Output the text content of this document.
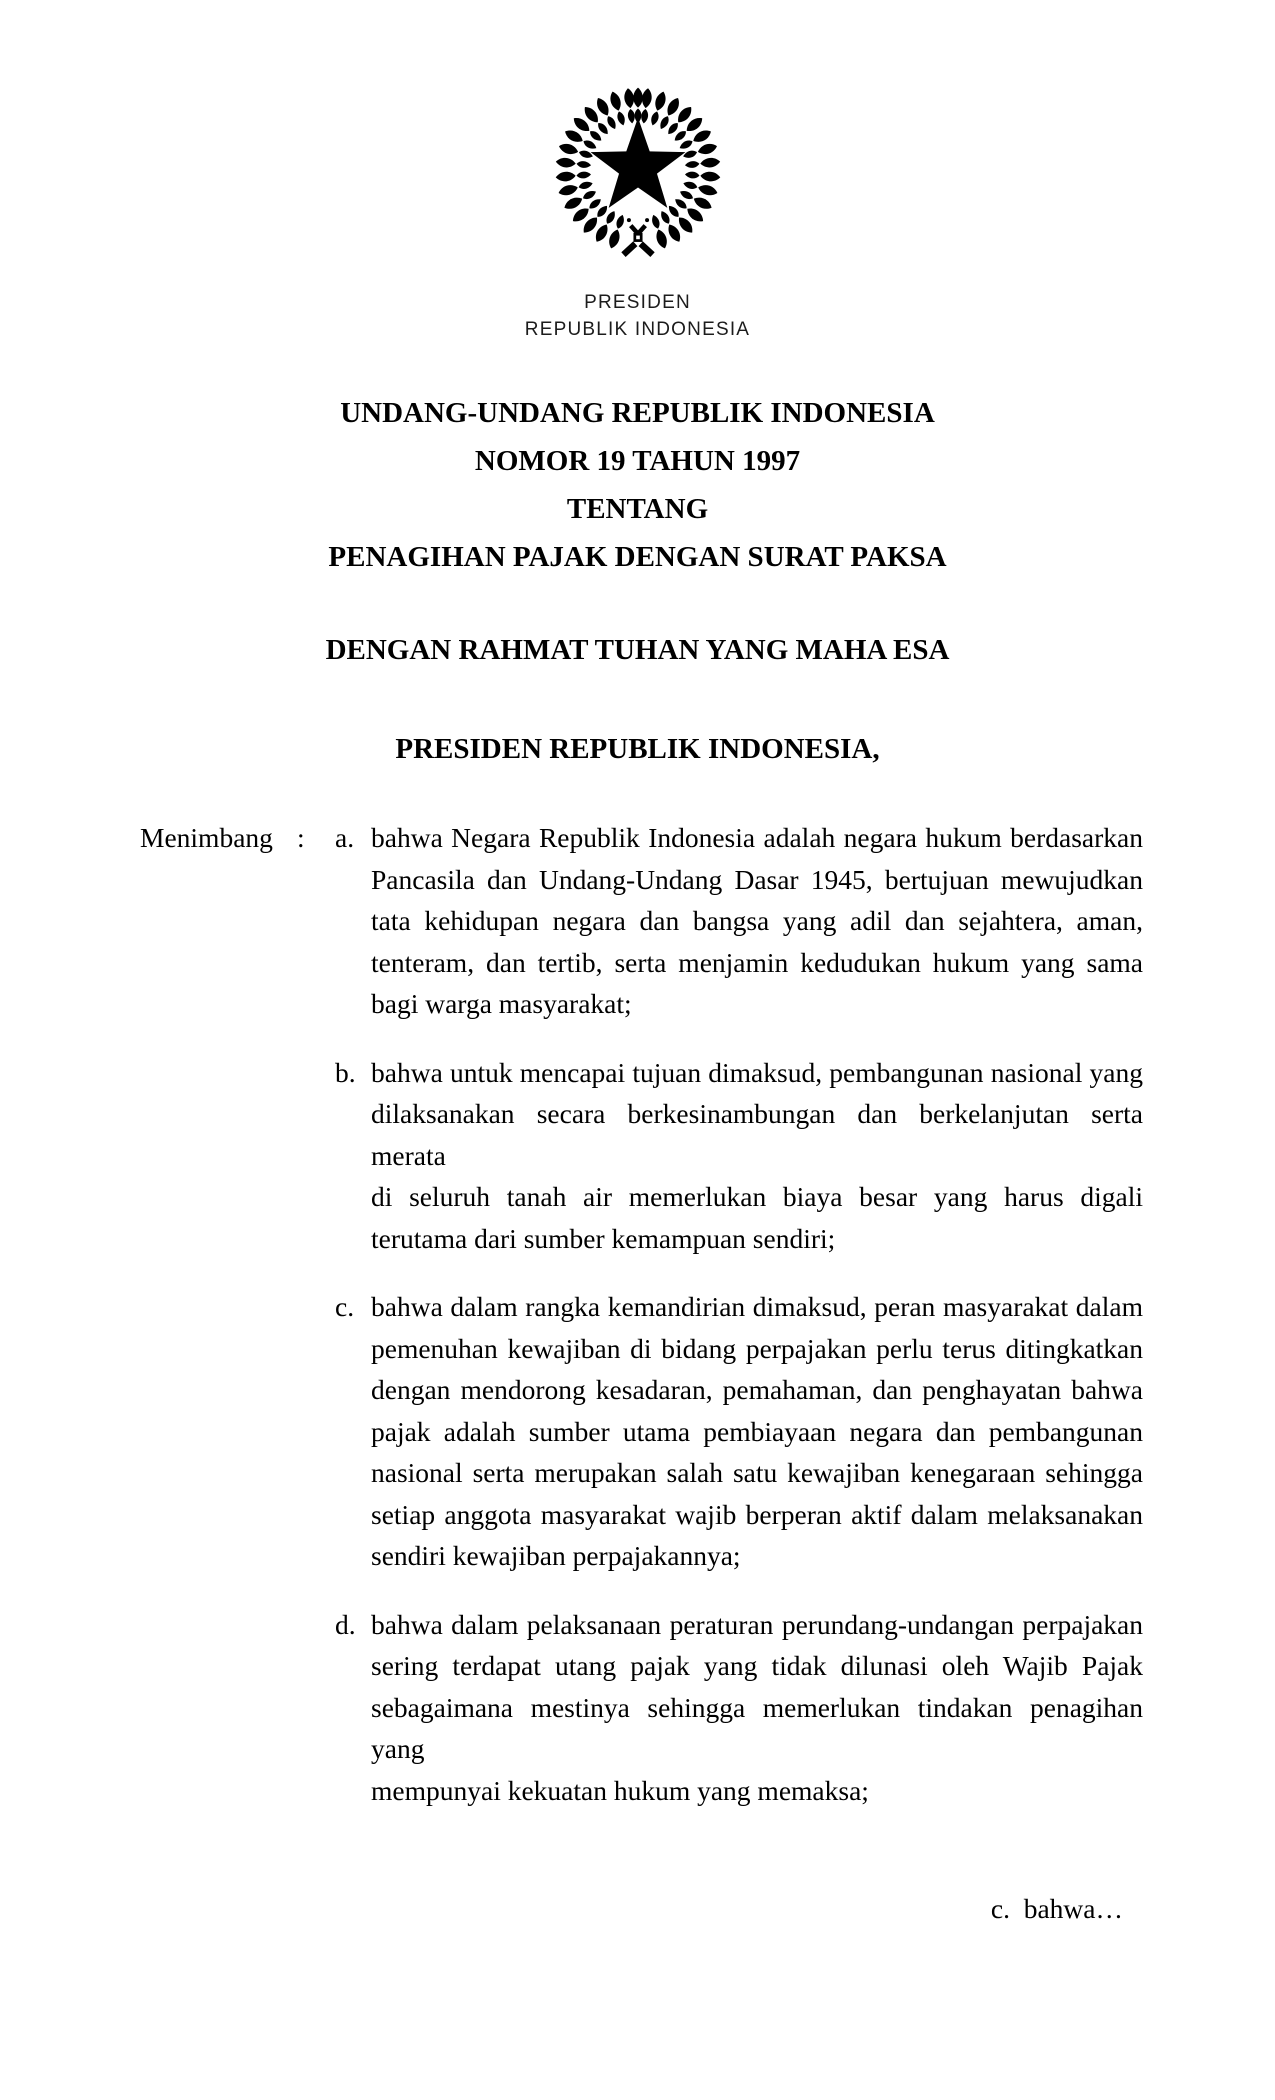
PRESIDEN
REPUBLIK INDONESIA
UNDANG-UNDANG REPUBLIK INDONESIA
NOMOR 19 TAHUN 1997
TENTANG
PENAGIHAN PAJAK DENGAN SURAT PAKSA
DENGAN RAHMAT TUHAN YANG MAHA ESA
PRESIDEN REPUBLIK INDONESIA,
Menimbang :	a. bahwa Negara Republik Indonesia adalah negara hukum berdasarkan
Pancasila dan Undang-Undang Dasar 1945, bertujuan mewujudkan
tata kehidupan negara dan bangsa yang adil dan sejahtera, aman,
tenteram, dan tertib, serta menjamin kedudukan hukum yang sama
bagi warga masyarakat;
b. bahwa untuk mencapai tujuan dimaksud, pembangunan nasional yang
dilaksanakan secara berkesinambungan dan berkelanjutan serta merata
di seluruh tanah air memerlukan biaya besar yang harus digali
terutama dari sumber kemampuan sendiri;
c. bahwa dalam rangka kemandirian dimaksud, peran masyarakat dalam
pemenuhan kewajiban di bidang perpajakan perlu terus ditingkatkan
dengan mendorong kesadaran, pemahaman, dan penghayatan bahwa
pajak adalah sumber utama pembiayaan negara dan pembangunan
nasional serta merupakan salah satu kewajiban kenegaraan sehingga
setiap anggota masyarakat wajib berperan aktif dalam melaksanakan
sendiri kewajiban perpajakannya;
d. bahwa dalam pelaksanaan peraturan perundang-undangan perpajakan
sering terdapat utang pajak yang tidak dilunasi oleh Wajib Pajak
sebagaimana mestinya sehingga memerlukan tindakan penagihan yang
mempunyai kekuatan hukum yang memaksa;
c.  bahwa…
